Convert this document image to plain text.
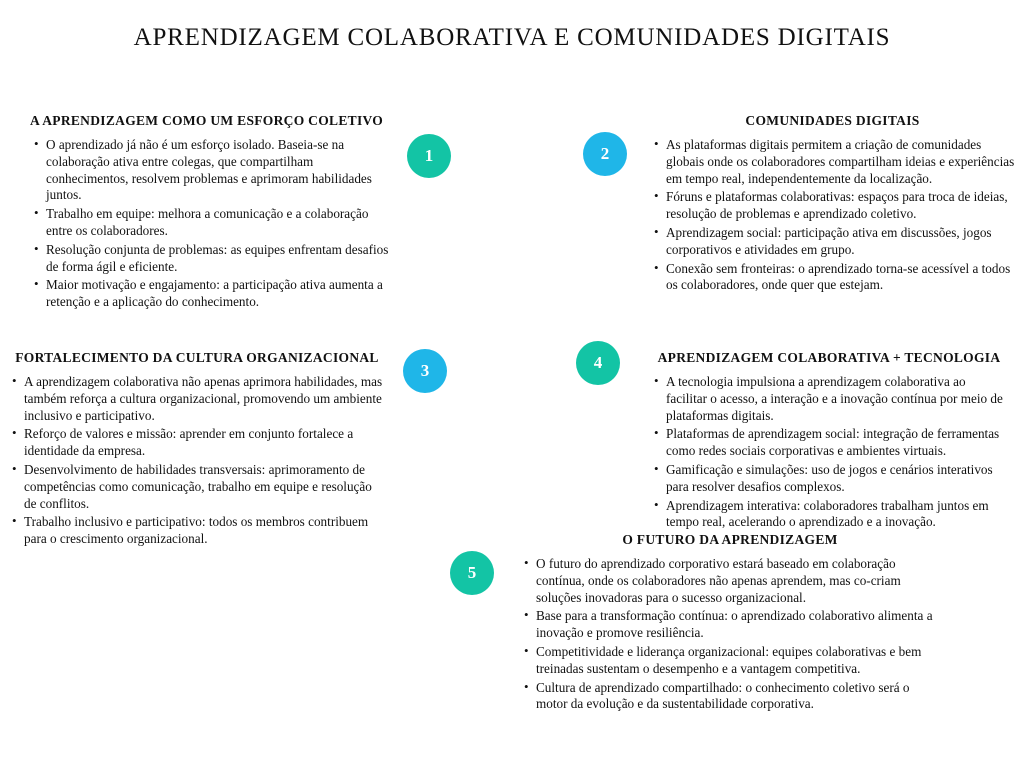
APRENDIZAGEM COLABORATIVA E COMUNIDADES DIGITAIS
A APRENDIZAGEM COMO UM ESFORÇO COLETIVO
• O aprendizado já não é um esforço isolado. Baseia-se na colaboração ativa entre colegas, que compartilham conhecimentos, resolvem problemas e aprimoram habilidades juntos.
• Trabalho em equipe: melhora a comunicação e a colaboração entre os colaboradores.
• Resolução conjunta de problemas: as equipes enfrentam desafios de forma ágil e eficiente.
• Maior motivação e engajamento: a participação ativa aumenta a retenção e a aplicação do conhecimento.
1
COMUNIDADES DIGITAIS
• As plataformas digitais permitem a criação de comunidades globais onde os colaboradores compartilham ideias e experiências em tempo real, independentemente da localização.
• Fóruns e plataformas colaborativas: espaços para troca de ideias, resolução de problemas e aprendizado coletivo.
• Aprendizagem social: participação ativa em discussões, jogos corporativos e atividades em grupo.
• Conexão sem fronteiras: o aprendizado torna-se acessível a todos os colaboradores, onde quer que estejam.
2
FORTALECIMENTO DA CULTURA ORGANIZACIONAL
• A aprendizagem colaborativa não apenas aprimora habilidades, mas também reforça a cultura organizacional, promovendo um ambiente inclusivo e participativo.
• Reforço de valores e missão: aprender em conjunto fortalece a identidade da empresa.
• Desenvolvimento de habilidades transversais: aprimoramento de competências como comunicação, trabalho em equipe e resolução de conflitos.
• Trabalho inclusivo e participativo: todos os membros contribuem para o crescimento organizacional.
3
APRENDIZAGEM COLABORATIVA + TECNOLOGIA
• A tecnologia impulsiona a aprendizagem colaborativa ao facilitar o acesso, a interação e a inovação contínua por meio de plataformas digitais.
• Plataformas de aprendizagem social: integração de ferramentas como redes sociais corporativas e ambientes virtuais.
• Gamificação e simulações: uso de jogos e cenários interativos para resolver desafios complexos.
• Aprendizagem interativa: colaboradores trabalham juntos em tempo real, acelerando o aprendizado e a inovação.
4
O FUTURO DA APRENDIZAGEM
• O futuro do aprendizado corporativo estará baseado em colaboração contínua, onde os colaboradores não apenas aprendem, mas co-criam soluções inovadoras para o sucesso organizacional.
• Base para a transformação contínua: o aprendizado colaborativo alimenta a inovação e promove resiliência.
• Competitividade e liderança organizacional: equipes colaborativas e bem treinadas sustentam o desempenho e a vantagem competitiva.
• Cultura de aprendizado compartilhado: o conhecimento coletivo será o motor da evolução e da sustentabilidade corporativa.
5
